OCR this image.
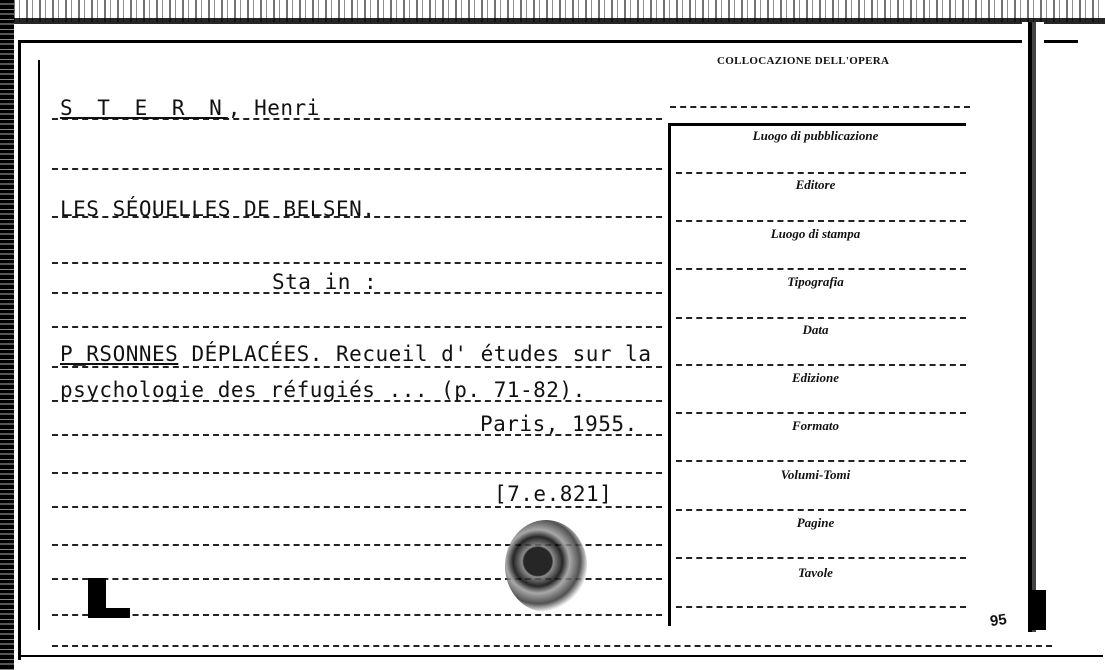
COLLOCAZIONE DELL'OPERA
S T E R N, Henri
LES SÉQUELLES DE BELSEN.
Sta in :
P_RSONNES DÉPLACÉES. Recueil d' études sur la
psychologie des réfugiés ... (p. 71-82).
Paris, 1955.
[7.e.821]
Luogo di pubblicazione
Editore
Luogo di stampa
Tipografia
Data
Edizione
Formato
Volumi-Tomi
Pagine
Tavole
95
